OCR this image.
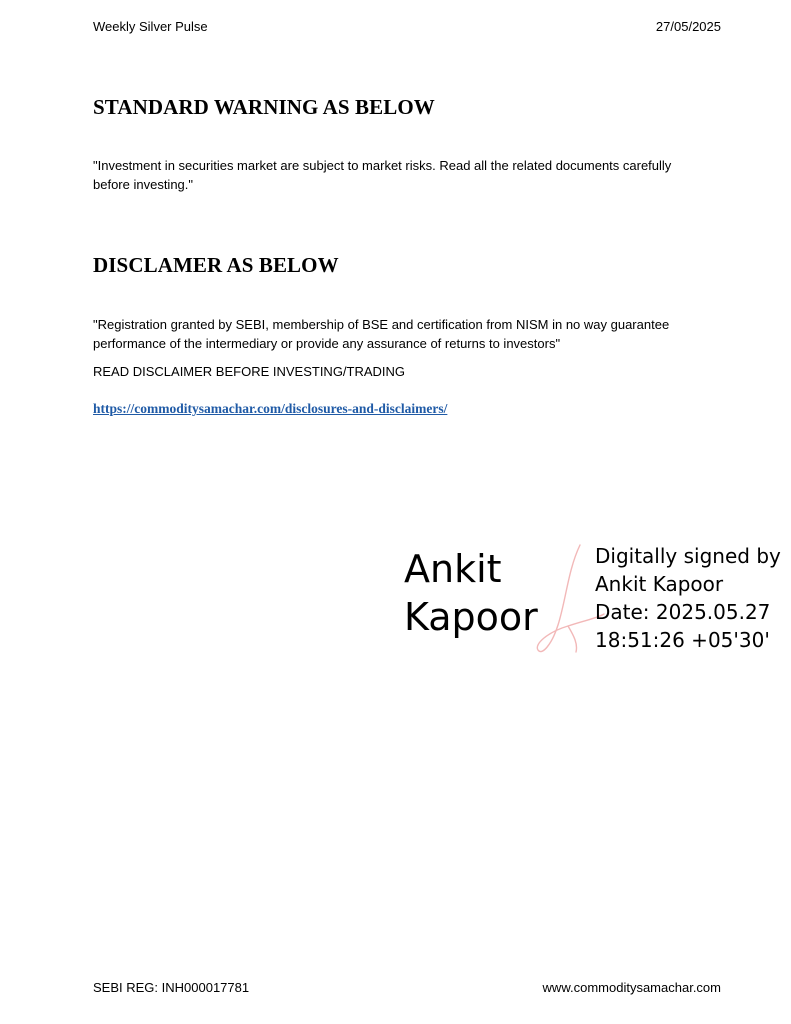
Weekly Silver Pulse	27/05/2025
STANDARD WARNING AS BELOW
"Investment in securities market are subject to market risks. Read all the related documents carefully before investing."
DISCLAMER AS BELOW
"Registration granted by SEBI, membership of BSE and certification from NISM in no way guarantee performance of the intermediary or provide any assurance of returns to investors"
READ DISCLAIMER BEFORE INVESTING/TRADING
https://commoditysamachar.com/disclosures-and-disclaimers/
Ankit
Kapoor
Digitally signed by
Ankit Kapoor
Date: 2025.05.27
18:51:26 +05'30'
SEBI REG: INH000017781	www.commoditysamachar.com
